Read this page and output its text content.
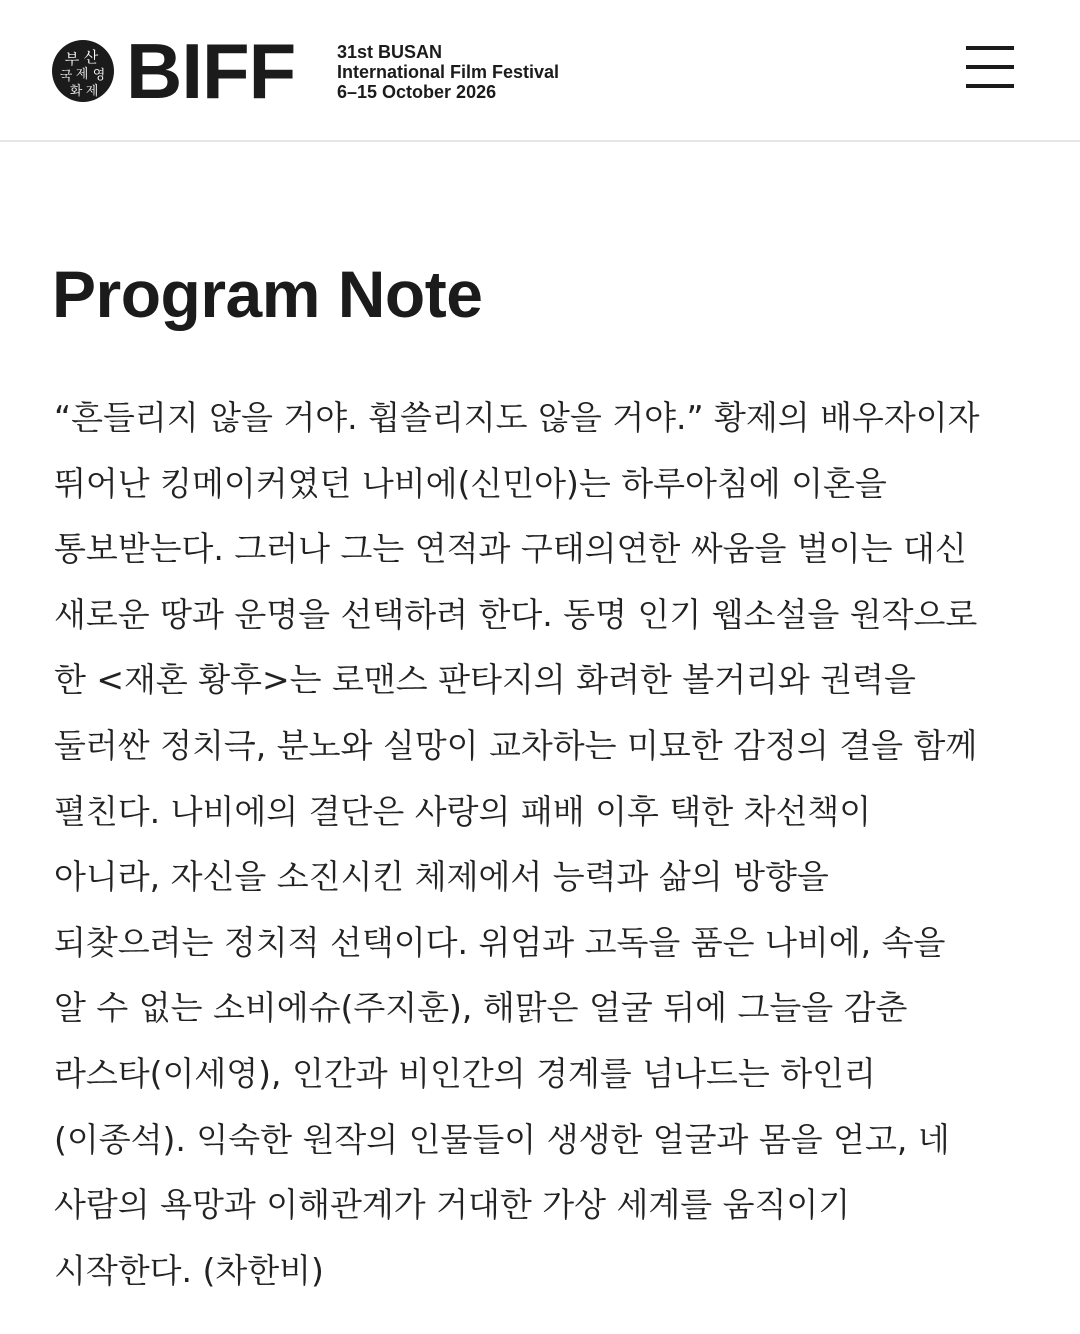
부 산
국 제 영
화 제 BIFF 31st BUSAN
International Film Festival
6–15 October 2026
Program Note

“흔들리지 않을 거야. 휩쓸리지도 않을 거야.” 황제의 배우자이자
뛰어난 킹메이커였던 나비에(신민아)는 하루아침에 이혼을
통보받는다. 그러나 그는 연적과 구태의연한 싸움을 벌이는 대신
새로운 땅과 운명을 선택하려 한다. 동명 인기 웹소설을 원작으로
한 <재혼 황후>는 로맨스 판타지의 화려한 볼거리와 권력을
둘러싼 정치극, 분노와 실망이 교차하는 미묘한 감정의 결을 함께
펼친다. 나비에의 결단은 사랑의 패배 이후 택한 차선책이
아니라, 자신을 소진시킨 체제에서 능력과 삶의 방향을
되찾으려는 정치적 선택이다. 위엄과 고독을 품은 나비에, 속을
알 수 없는 소비에슈(주지훈), 해맑은 얼굴 뒤에 그늘을 감춘
라스타(이세영), 인간과 비인간의 경계를 넘나드는 하인리
(이종석). 익숙한 원작의 인물들이 생생한 얼굴과 몸을 얻고, 네
사람의 욕망과 이해관계가 거대한 가상 세계를 움직이기
시작한다. (차한비)
